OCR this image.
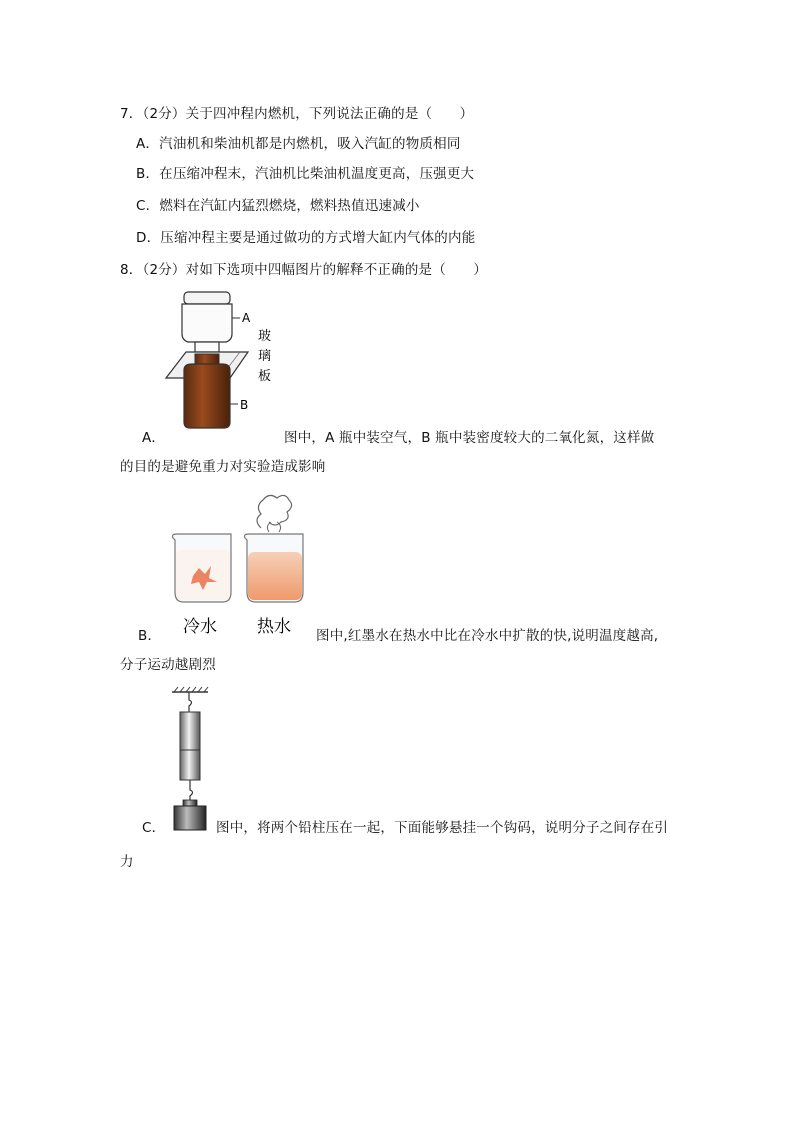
7．（2分）关于四冲程内燃机，下列说法正确的是（　　）
A．汽油机和柴油机都是内燃机，吸入汽缸的物质相同
B．在压缩冲程末，汽油机比柴油机温度更高，压强更大
C．燃料在汽缸内猛烈燃烧，燃料热值迅速减小
D．压缩冲程主要是通过做功的方式增大缸内气体的内能
8．（2分）对如下选项中四幅图片的解释不正确的是（　　）
A
玻
璃
板
B
A．	图中，A 瓶中装空气，B 瓶中装密度较大的二氧化氮，这样做
的目的是避免重力对实验造成影响
冷水 热水
B．	图中,红墨水在热水中比在冷水中扩散的快,说明温度越高,
分子运动越剧烈
C．	图中，将两个铅柱压在一起，下面能够悬挂一个钩码，说明分子之间存在引
力
